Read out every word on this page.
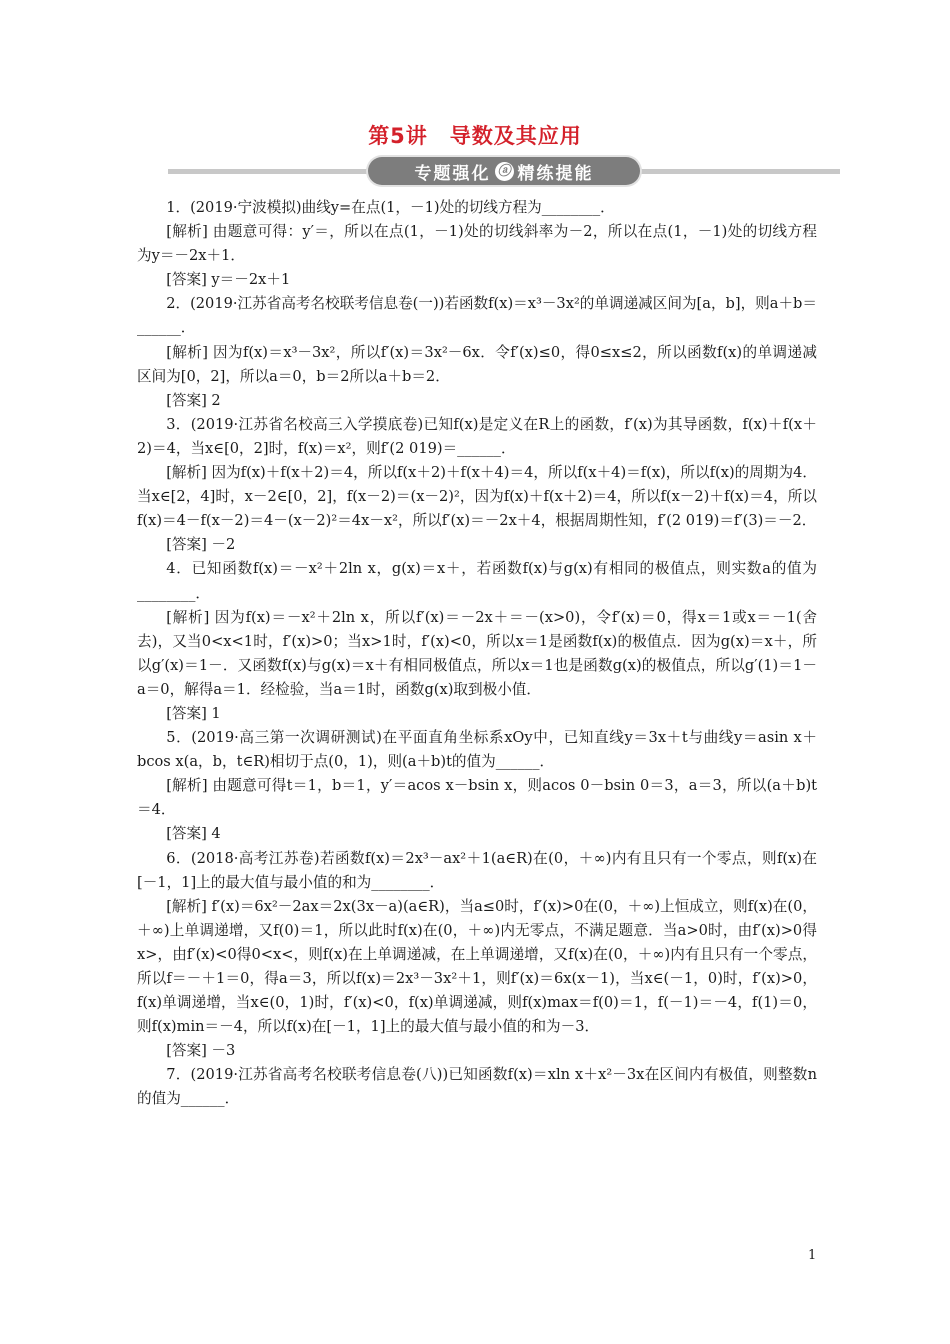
第5讲　导数及其应用
专题强化 ⓐ 精练提能

1．(2019·宁波模拟)曲线y=在点(1，－1)处的切线方程为________．

[解析] 由题意可得：y′＝，所以在点(1，－1)处的切线斜率为－2，所以在点(1，－1)处的切线方程为y＝－2x＋1．

[答案] y＝－2x＋1

2．(2019·江苏省高考名校联考信息卷(一))若函数f(x)＝x³－3x²的单调递减区间为[a，b]，则a＋b＝______．

[解析] 因为f(x)＝x³－3x²，所以f′(x)＝3x²－6x．令f′(x)≤0，得0≤x≤2，所以函数f(x)的单调递减区间为[0，2]，所以a＝0，b＝2所以a＋b＝2．

[答案] 2

3．(2019·江苏省名校高三入学摸底卷)已知f(x)是定义在R上的函数，f′(x)为其导函数，f(x)＋f(x＋2)＝4，当x∈[0，2]时，f(x)＝x²，则f′(2 019)＝______．

[解析] 因为f(x)＋f(x＋2)＝4，所以f(x＋2)＋f(x＋4)＝4，所以f(x＋4)＝f(x)，所以f(x)的周期为4．当x∈[2，4]时，x－2∈[0，2]，f(x－2)＝(x－2)²，因为f(x)＋f(x＋2)＝4，所以f(x－2)＋f(x)＝4，所以f(x)＝4－f(x－2)＝4－(x－2)²＝4x－x²，所以f′(x)＝－2x＋4，根据周期性知，f′(2 019)＝f′(3)＝－2．

[答案] －2

4．已知函数f(x)＝－x²＋2ln x，g(x)＝x＋，若函数f(x)与g(x)有相同的极值点，则实数a的值为________．

[解析] 因为f(x)＝－x²＋2ln x，所以f′(x)＝－2x＋＝－(x>0)，令f′(x)＝0，得x＝1或x＝－1(舍去)，又当0<x<1时，f′(x)>0；当x>1时，f′(x)<0，所以x＝1是函数f(x)的极值点．因为g(x)＝x＋，所以g′(x)＝1－．又函数f(x)与g(x)＝x＋有相同极值点，所以x＝1也是函数g(x)的极值点，所以g′(1)＝1－a＝0，解得a＝1．经检验，当a＝1时，函数g(x)取到极小值．

[答案] 1

5．(2019·高三第一次调研测试)在平面直角坐标系xOy中，已知直线y＝3x＋t与曲线y＝asin x＋bcos x(a，b，t∈R)相切于点(0，1)，则(a＋b)t的值为______．

[解析] 由题意可得t＝1，b＝1，y′＝acos x－bsin x，则acos 0－bsin 0＝3，a＝3，所以(a＋b)t＝4．

[答案] 4

6．(2018·高考江苏卷)若函数f(x)＝2x³－ax²＋1(a∈R)在(0，＋∞)内有且只有一个零点，则f(x)在[－1，1]上的最大值与最小值的和为________．

[解析] f′(x)＝6x²－2ax＝2x(3x－a)(a∈R)，当a≤0时，f′(x)>0在(0，＋∞)上恒成立，则f(x)在(0，＋∞)上单调递增，又f(0)＝1，所以此时f(x)在(0，＋∞)内无零点，不满足题意．当a>0时，由f′(x)>0得x>，由f′(x)<0得0<x<，则f(x)在上单调递减，在上单调递增，又f(x)在(0，＋∞)内有且只有一个零点，所以f＝－＋1＝0，得a＝3，所以f(x)＝2x³－3x²＋1，则f′(x)＝6x(x－1)，当x∈(－1，0)时，f′(x)>0，f(x)单调递增，当x∈(0，1)时，f′(x)<0，f(x)单调递减，则f(x)max＝f(0)＝1，f(－1)＝－4，f(1)＝0，则f(x)min＝－4，所以f(x)在[－1，1]上的最大值与最小值的和为－3．

[答案] －3

7．(2019·江苏省高考名校联考信息卷(八))已知函数f(x)＝xln x＋x²－3x在区间内有极值，则整数n的值为______．

1
